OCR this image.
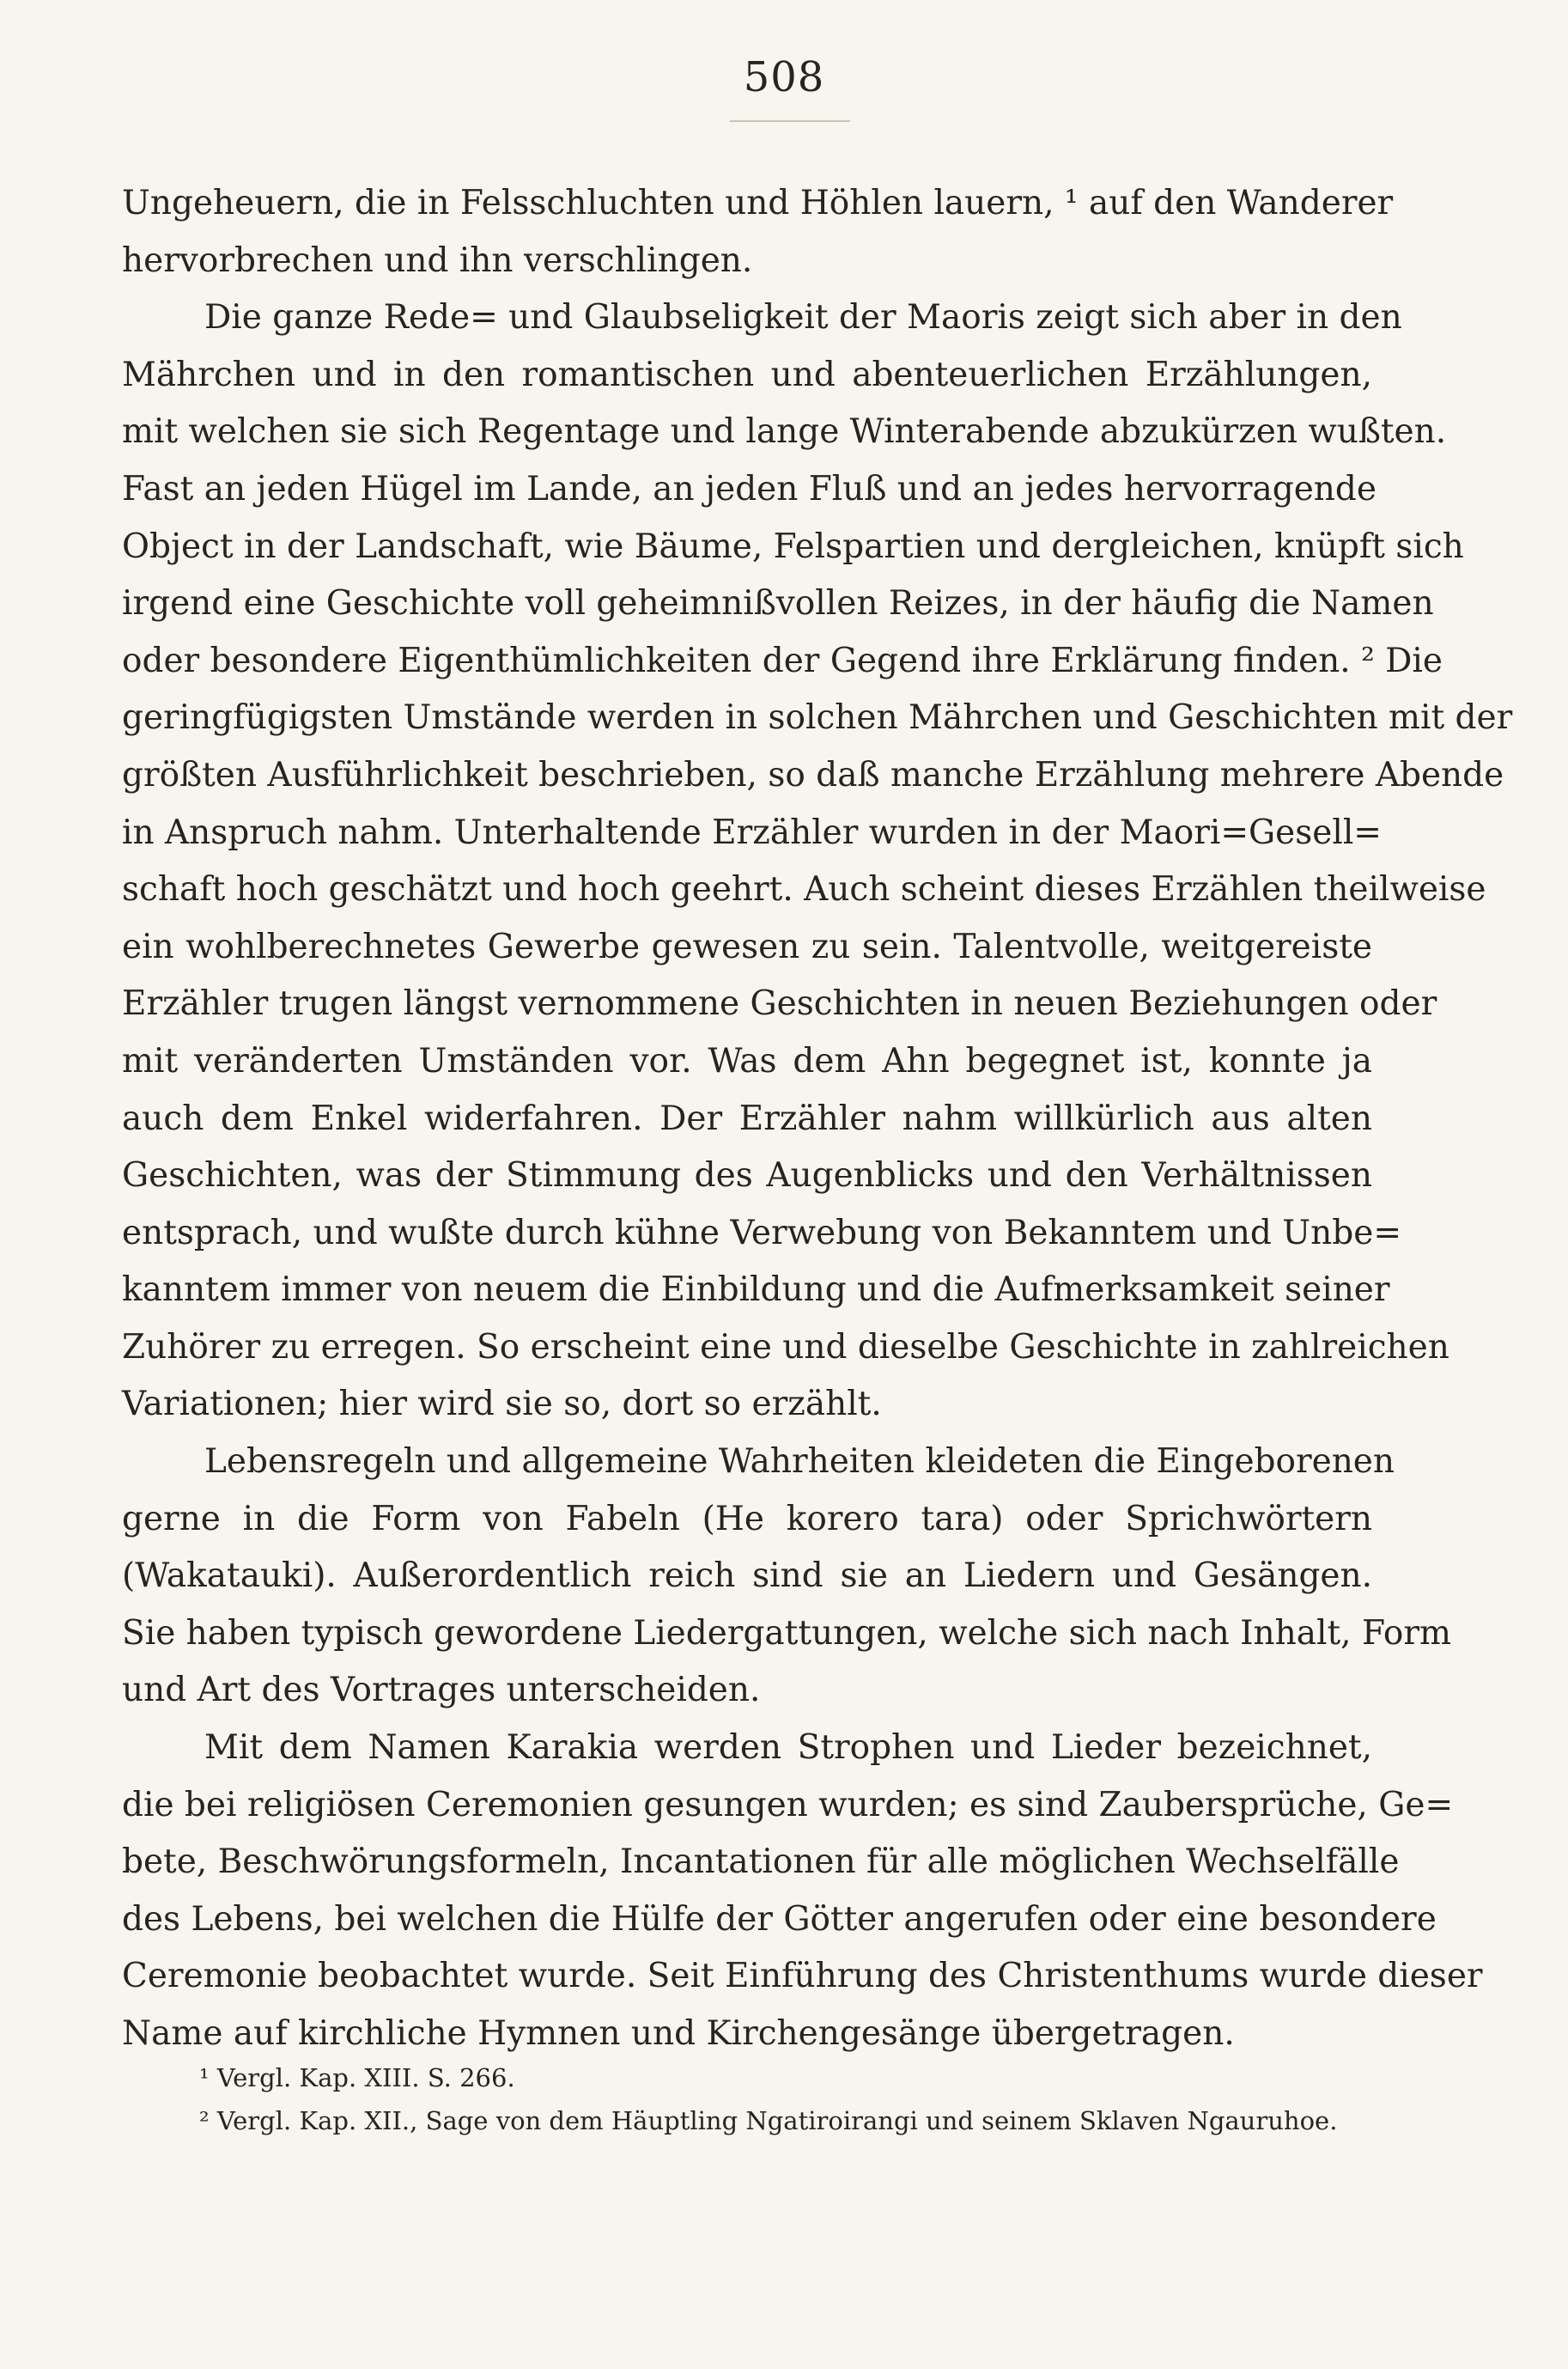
508
Ungeheuern, die in Felsschluchten und Höhlen lauern, ¹ auf den Wanderer
hervorbrechen und ihn verschlingen.
Die ganze Rede= und Glaubseligkeit der Maoris zeigt sich aber in den
Mährchen und in den romantischen und abenteuerlichen Erzählungen,
mit welchen sie sich Regentage und lange Winterabende abzukürzen wußten.
Fast an jeden Hügel im Lande, an jeden Fluß und an jedes hervorragende
Object in der Landschaft, wie Bäume, Felspartien und dergleichen, knüpft sich
irgend eine Geschichte voll geheimnißvollen Reizes, in der häufig die Namen
oder besondere Eigenthümlichkeiten der Gegend ihre Erklärung finden. ² Die
geringfügigsten Umstände werden in solchen Mährchen und Geschichten mit der
größten Ausführlichkeit beschrieben, so daß manche Erzählung mehrere Abende
in Anspruch nahm. Unterhaltende Erzähler wurden in der Maori=Gesell=
schaft hoch geschätzt und hoch geehrt. Auch scheint dieses Erzählen theilweise
ein wohlberechnetes Gewerbe gewesen zu sein. Talentvolle, weitgereiste
Erzähler trugen längst vernommene Geschichten in neuen Beziehungen oder
mit veränderten Umständen vor. Was dem Ahn begegnet ist, konnte ja
auch dem Enkel widerfahren. Der Erzähler nahm willkürlich aus alten
Geschichten, was der Stimmung des Augenblicks und den Verhältnissen
entsprach, und wußte durch kühne Verwebung von Bekanntem und Unbe=
kanntem immer von neuem die Einbildung und die Aufmerksamkeit seiner
Zuhörer zu erregen. So erscheint eine und dieselbe Geschichte in zahlreichen
Variationen; hier wird sie so, dort so erzählt.
Lebensregeln und allgemeine Wahrheiten kleideten die Eingeborenen
gerne in die Form von Fabeln (He korero tara) oder Sprichwörtern
(Wakatauki). Außerordentlich reich sind sie an Liedern und Gesängen.
Sie haben typisch gewordene Liedergattungen, welche sich nach Inhalt, Form
und Art des Vortrages unterscheiden.
Mit dem Namen Karakia werden Strophen und Lieder bezeichnet,
die bei religiösen Ceremonien gesungen wurden; es sind Zaubersprüche, Ge=
bete, Beschwörungsformeln, Incantationen für alle möglichen Wechselfälle
des Lebens, bei welchen die Hülfe der Götter angerufen oder eine besondere
Ceremonie beobachtet wurde. Seit Einführung des Christenthums wurde dieser
Name auf kirchliche Hymnen und Kirchengesänge übergetragen.
¹ Vergl. Kap. XIII. S. 266.
² Vergl. Kap. XII., Sage von dem Häuptling Ngatiroirangi und seinem Sklaven Ngauruhoe.
